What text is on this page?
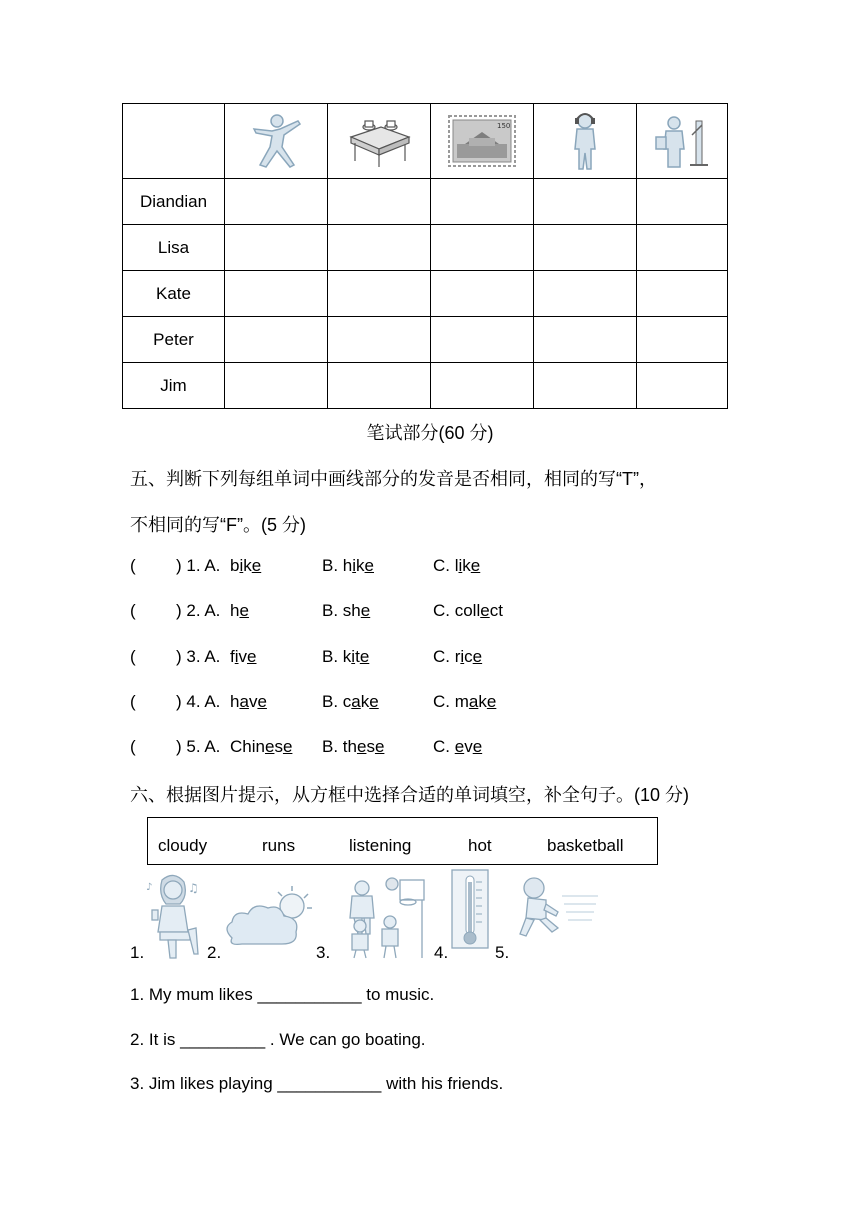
150

Diandian					
Lisa					
Kate					
Peter					
Jim					
笔试部分(60 分)
五、判断下列每组单词中画线部分的发音是否相同，相同的写“T”，
不相同的写“F”。(5 分)
( ) 1. A. bike	B. hike	C. like
( ) 2. A. he	B. she	C. collect
( ) 3. A. five	B. kite	C. rice
( ) 4. A. have	B. cake	C. make
( ) 5. A. Chinese B. these	C. eve
六、根据图片提示，从方框中选择合适的单词填空，补全句子。(10 分)
cloudy	runs	listening	hot	basketball
1.	2.	3.	4.	5.
♫
♪
1. My mum likes ___________ to music.
2. It is _________ . We can go boating.
3. Jim likes playing ___________ with his friends.
